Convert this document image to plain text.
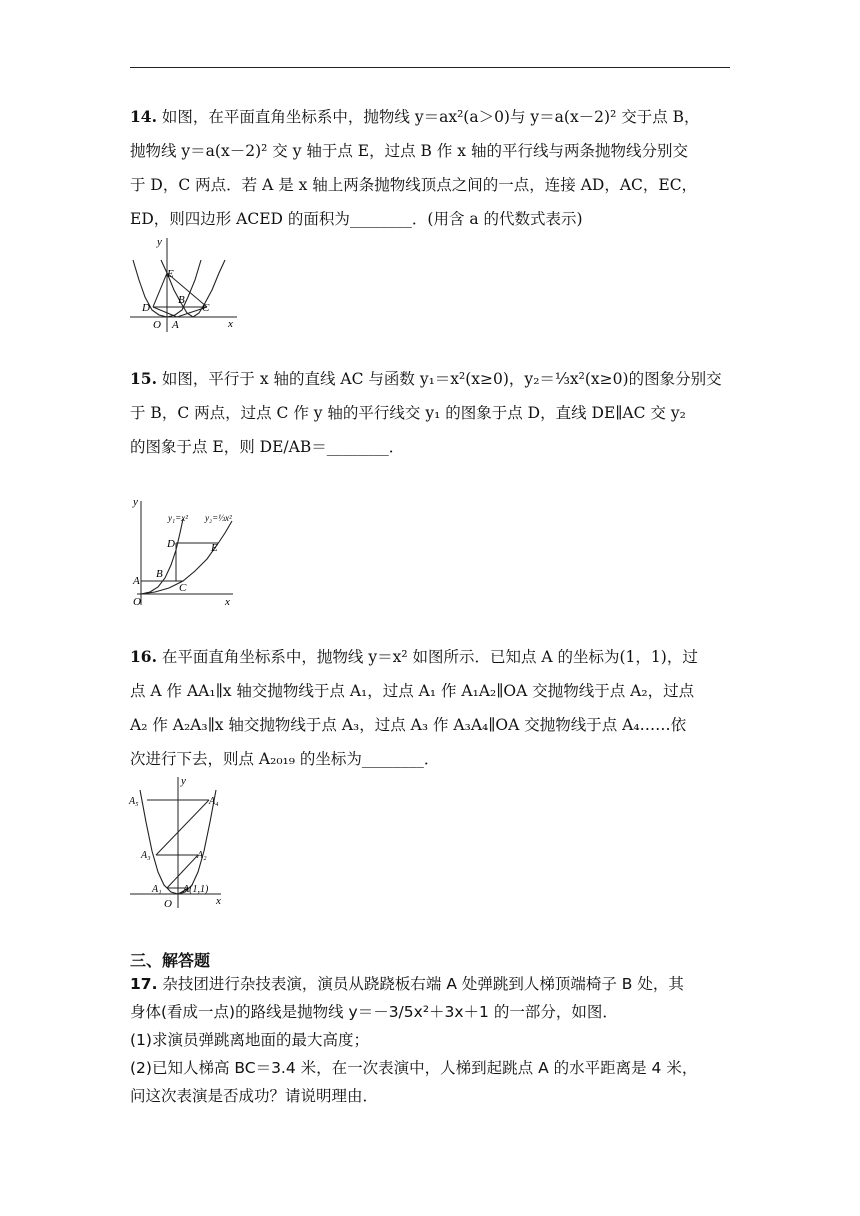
14. 如图，在平面直角坐标系中，抛物线 y＝ax²(a＞0)与 y＝a(x－2)² 交于点 B，
抛物线 y＝a(x－2)² 交 y 轴于点 E，过点 B 作 x 轴的平行线与两条抛物线分别交
于 D，C 两点．若 A 是 x 轴上两条抛物线顶点之间的一点，连接 AD，AC，EC，
ED，则四边形 ACED 的面积为________．(用含 a 的代数式表示)
y
x
O A
B
C
D
E
15. 如图，平行于 x 轴的直线 AC 与函数 y₁＝x²(x≥0)，y₂＝⅓x²(x≥0)的图象分别交
于 B，C 两点，过点 C 作 y 轴的平行线交 y₁ 的图象于点 D，直线 DE∥AC 交 y₂
的图象于点 E，则 DE/AB＝________．
y
x
O
A
B
C
D	E
y₁=x² y₂=⅓x²
16. 在平面直角坐标系中，抛物线 y＝x² 如图所示．已知点 A 的坐标为(1，1)，过
点 A 作 AA₁∥x 轴交抛物线于点 A₁，过点 A₁ 作 A₁A₂∥OA 交抛物线于点 A₂，过点
A₂ 作 A₂A₃∥x 轴交抛物线于点 A₃，过点 A₃ 作 A₃A₄∥OA 交抛物线于点 A₄……依
次进行下去，则点 A₂₀₁₉ 的坐标为________．
y
x
O
A(1,1)
A₁
A₂
A₃
A₄
A₅
三、解答题
17. 杂技团进行杂技表演，演员从跷跷板右端 A 处弹跳到人梯顶端椅子 B 处，其
身体(看成一点)的路线是抛物线 y＝－3/5x²＋3x＋1 的一部分，如图．
(1)求演员弹跳离地面的最大高度；
(2)已知人梯高 BC＝3.4 米，在一次表演中，人梯到起跳点 A 的水平距离是 4 米，
问这次表演是否成功？请说明理由．
